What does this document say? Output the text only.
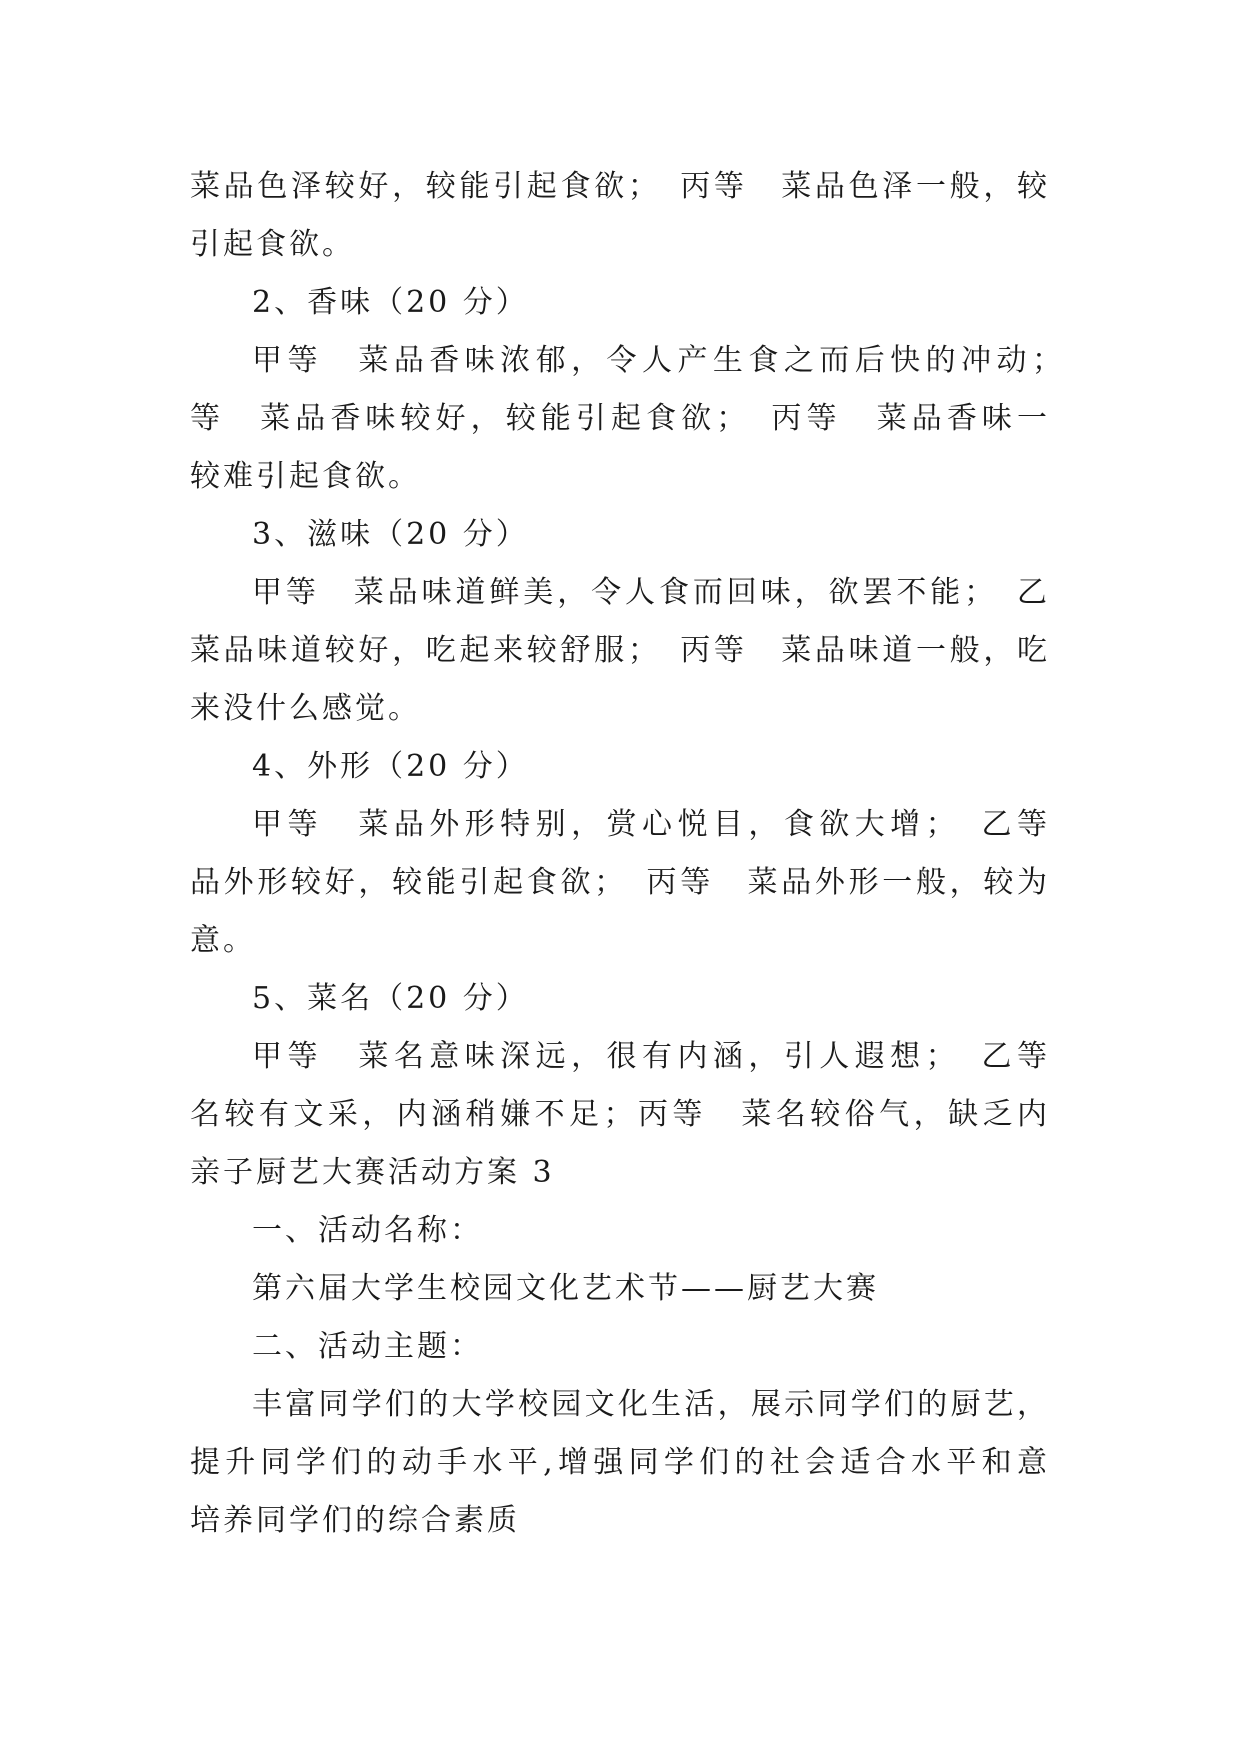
菜品色泽较好，较能引起食欲；　丙等　菜品色泽一般，较
引起食欲。
2、香味（20 分）
甲等　菜品香味浓郁，令人产生食之而后快的冲动；　
等　菜品香味较好，较能引起食欲；　丙等　菜品香味一
较难引起食欲。
3、滋味（20 分）
甲等　菜品味道鲜美，令人食而回味，欲罢不能；　乙
菜品味道较好，吃起来较舒服；　丙等　菜品味道一般，吃
来没什么感觉。
4、外形（20 分）
甲等　菜品外形特别，赏心悦目，食欲大增；　乙等　
品外形较好，较能引起食欲；　丙等　菜品外形一般，较为
意。
5、菜名（20 分）
甲等　菜名意味深远，很有内涵，引人遐想；　乙等　
名较有文采，内涵稍嫌不足；丙等　菜名较俗气，缺乏内
亲子厨艺大赛活动方案 3
一、活动名称：
第六届大学生校园文化艺术节——厨艺大赛
二、活动主题：
丰富同学们的大学校园文化生活，展示同学们的厨艺，
提升同学们的动手水平,增强同学们的社会适合水平和意
培养同学们的综合素质
